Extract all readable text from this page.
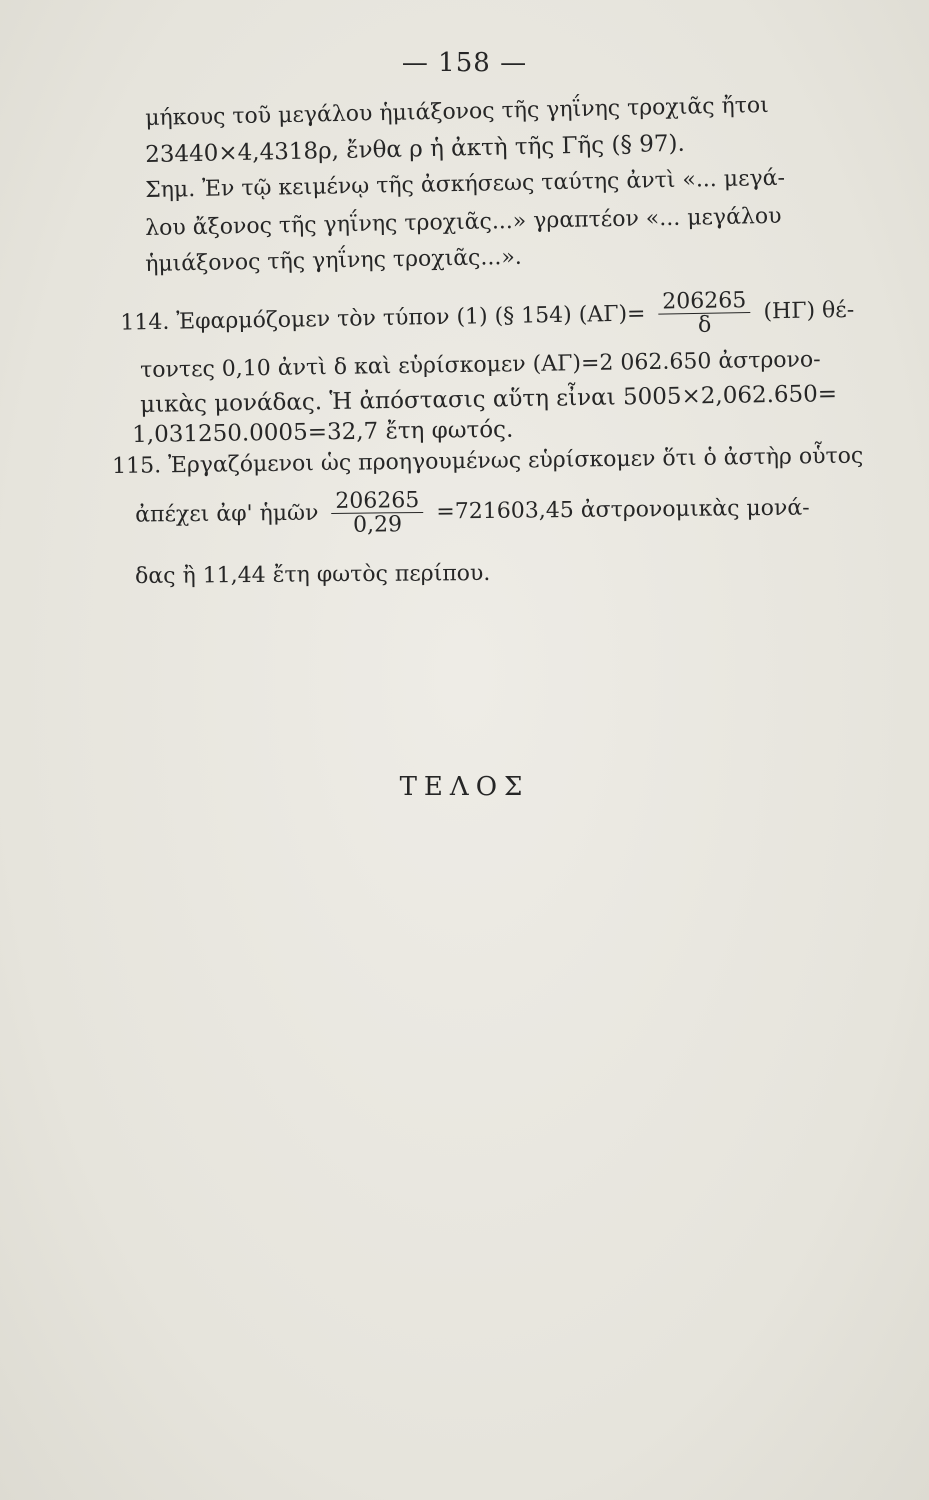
— 158 —
μήκους τοῦ μεγάλου ἡμιάξονος τῆς γηΐνης τροχιᾶς ἤτοι
23440×4,4318ρ, ἔνθα ρ ἡ ἀκτὴ τῆς Γῆς (§ 97).
Σημ. Ἐν τῷ κειμένῳ τῆς ἀσκήσεως ταύτης ἀντὶ «... μεγά-
λου ἄξονος τῆς γηΐνης τροχιᾶς...» γραπτέον «... μεγάλου
ἡμιάξονος τῆς γηΐνης τροχιᾶς...».
114. Ἐφαρμόζομεν τὸν τύπον (1) (§ 154) $(A\Gamma)= \frac{206265}{\delta} (H\Gamma)$ θέ-
τοντες 0,10 ἀντὶ δ καὶ εὑρίσκομεν (ΑΓ)=2 062.650 ἀστρονο-
μικὰς μονάδας. Ἡ ἀπόστασις αὕτη εἶναι 5005×2,062.650=
1,031250.0005=32,7 ἔτη φωτός.
115. Ἐργαζόμενοι ὡς προηγουμένως εὑρίσκομεν ὅτι ὁ ἀστὴρ οὗτος
ἀπέχει ἀφ' ἡμῶν $\frac{206265}{0,29} =721603,45$ ἀστρονομικὰς μονά-
δας ἢ 11,44 ἔτη φωτὸς περίπου.
ΤΕΛΟΣ
